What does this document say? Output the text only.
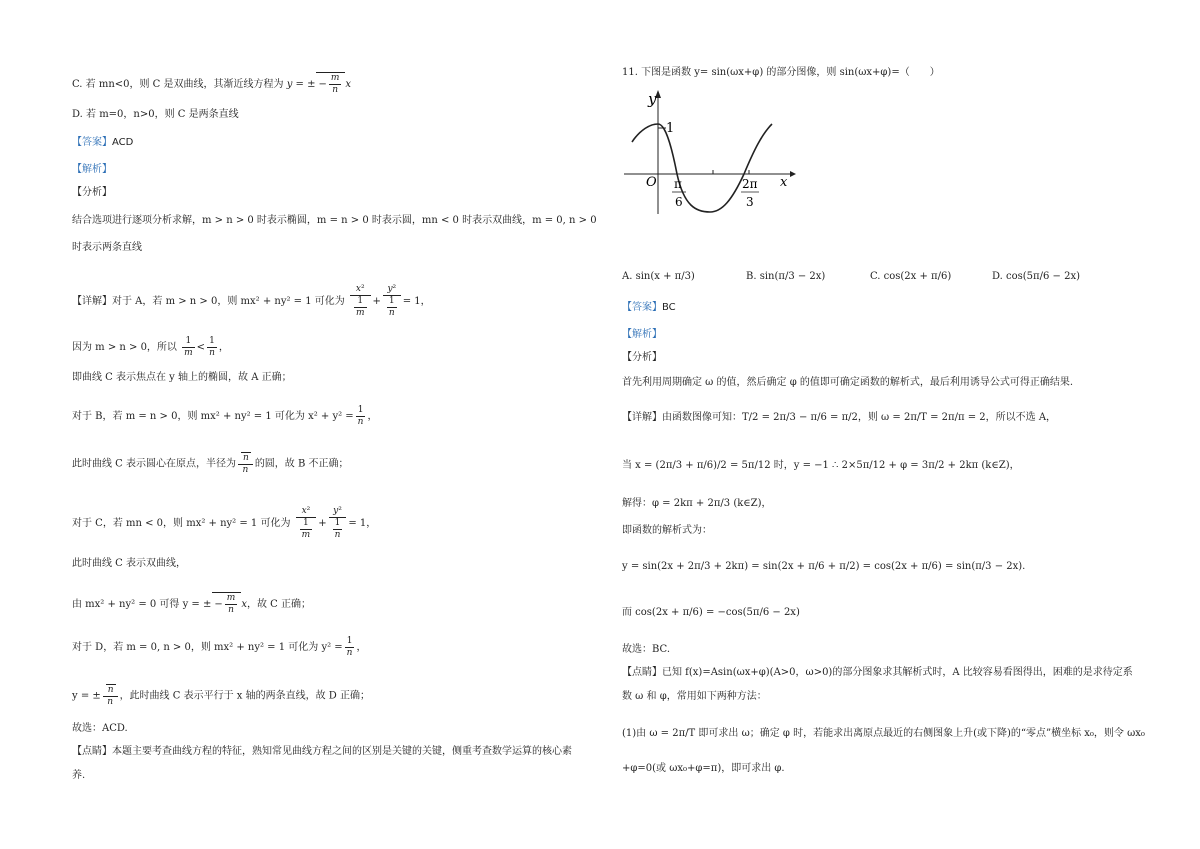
C. 若 mn<0，则 C 是双曲线，其渐近线方程为 y = ± − $\frac{m}{n}$ x
D. 若 m=0，n>0，则 C 是两条直线
【答案】ACD
【解析】
【分析】
结合选项进行逐项分析求解，m > n > 0 时表示椭圆，m = n > 0 时表示圆，mn < 0 时表示双曲线，m = 0, n > 0
时表示两条直线
【详解】对于 A，若 m > n > 0，则 mx² + ny² = 1 可化为 $\frac{\text{x²}}{\frac{1}{m}} + \frac{\text{y²}}{\frac{1}{n}} = 1$，
因为 m > n > 0，所以 $\frac{1}{m} < \frac{1}{n}$ ，
即曲线 C 表示焦点在 y 轴上的椭圆，故 A 正确；
对于 B，若 m = n > 0，则 mx² + ny² = 1 可化为 $x^2 + y^2 = \frac{1}{n}$ ，
此时曲线 C 表示圆心在原点，半径为 $\frac{n}{n}$ 的圆，故 B 不正确；
对于 C，若 mn < 0，则 mx² + ny² = 1 可化为 $\frac{\text{x²}}{\frac{1}{m}} + \frac{\text{y²}}{\frac{1}{n}} = 1$，
此时曲线 C 表示双曲线，
由 mx² + ny² = 0 可得 y = ± − $\frac{m}{n}$ x，故 C 正确；
对于 D，若 m = 0, n > 0，则 mx² + ny² = 1 可化为 $y^2 = \frac{1}{n}$ ，
y = ± $\frac{n}{n}$ ，此时曲线 C 表示平行于 x 轴的两条直线，故 D 正确；
故选：ACD.
【点睛】本题主要考查曲线方程的特征，熟知常见曲线方程之间的区别是关键的关键，侧重考查数学运算的核心素
养.
11. 下图是函数 y= sin(ωx+φ) 的部分图像，则 sin(ωx+φ)=（　　）
y
1
O	x
π
6
2π
3
A. sin(x + π/3)	B. sin(π/3 − 2x)	C. cos(2x + π/6)	D. cos(5π/6 − 2x)
【答案】BC
【解析】
【分析】
首先利用周期确定 ω 的值，然后确定 φ 的值即可确定函数的解析式，最后利用诱导公式可得正确结果.
【详解】由函数图像可知：T/2 = 2π/3 − π/6 = π/2，则 ω = 2π/T = 2π/π = 2，所以不选 A，
当 x = (2π/3 + π/6)/2 = 5π/12 时，y = −1 ∴ 2×5π/12 + φ = 3π/2 + 2kπ (k∈Z)，
解得：φ = 2kπ + 2π/3 (k∈Z)，
即函数的解析式为：
y = sin(2x + 2π/3 + 2kπ) = sin(2x + π/6 + π/2) = cos(2x + π/6) = sin(π/3 − 2x).
而 cos(2x + π/6) = −cos(5π/6 − 2x)
故选：BC.
【点睛】已知 f(x)=Asin(ωx+φ)(A>0，ω>0)的部分图象求其解析式时，A 比较容易看图得出，困难的是求待定系
数 ω 和 φ，常用如下两种方法：
(1)由 ω = 2π/T 即可求出 ω；确定 φ 时，若能求出离原点最近的右侧图象上升(或下降)的“零点”横坐标 x₀，则令 ωx₀
+φ=0(或 ωx₀+φ=π)，即可求出 φ.
